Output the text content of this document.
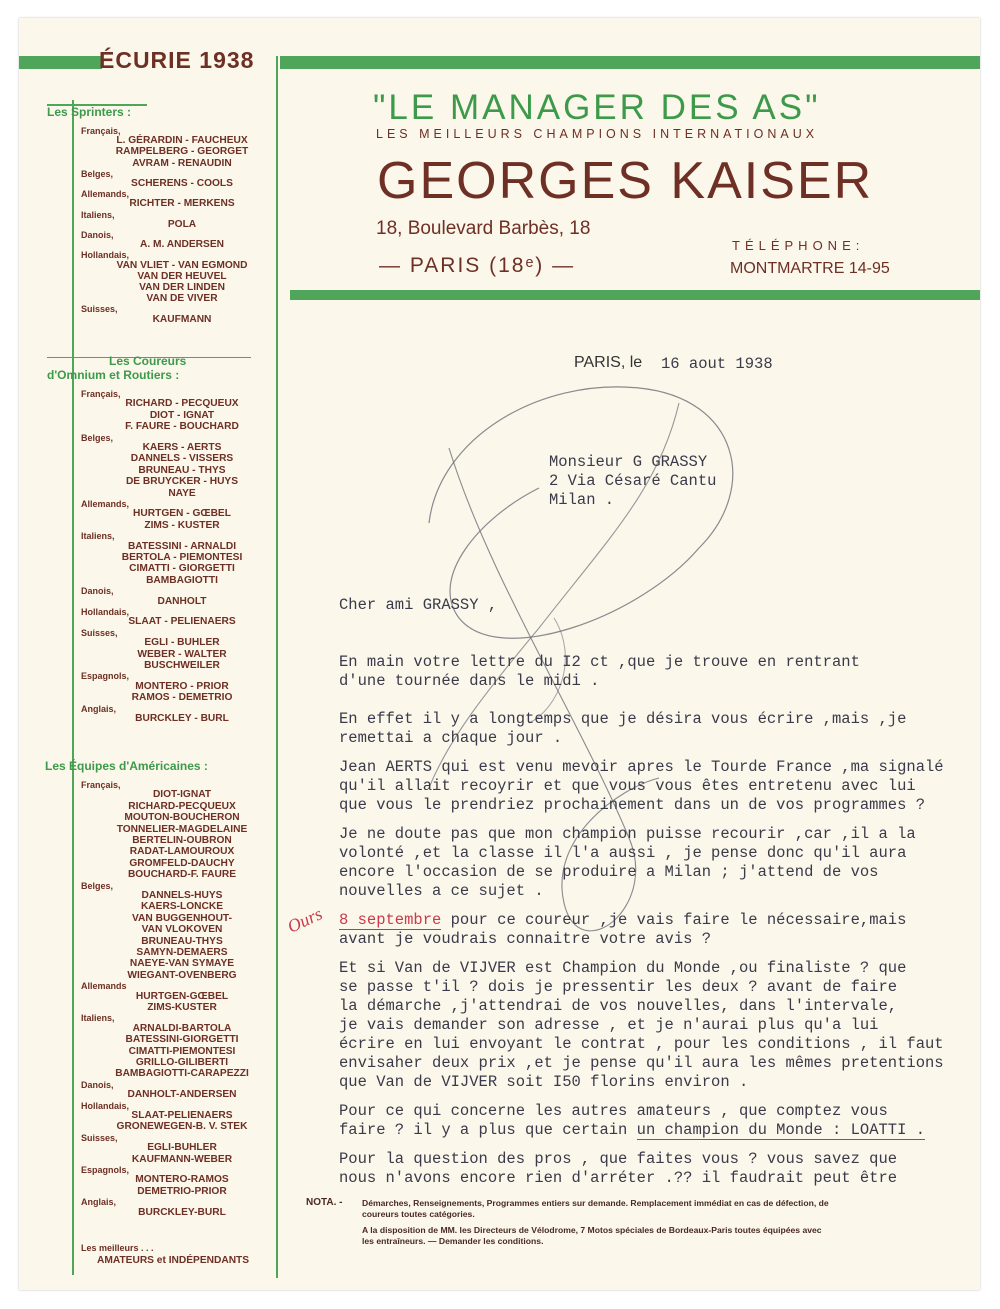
ÉCURIE 1938
Les Sprinters :
Français,
L. GÉRARDIN - FAUCHEUX
RAMPELBERG - GEORGET
AVRAM - RENAUDIN
Belges,
SCHERENS - COOLS
Allemands,
RICHTER - MERKENS
Italiens,
POLA
Danois,
A. M. ANDERSEN
Hollandais,
VAN VLIET - VAN EGMOND
VAN DER HEUVEL
VAN DER LINDEN
VAN DE VIVER
Suisses,
KAUFMANN
Les Coureurs
d'Omnium et Routiers :
Français,
RICHARD - PECQUEUX
DIOT - IGNAT
F. FAURE - BOUCHARD
Belges,
KAERS - AERTS
DANNELS - VISSERS
BRUNEAU - THYS
DE BRUYCKER - HUYS
NAYE
Allemands,
HURTGEN - GŒBEL
ZIMS - KUSTER
Italiens,
BATESSINI - ARNALDI
BERTOLA - PIEMONTESI
CIMATTI - GIORGETTI
BAMBAGIOTTI
Danois,
DANHOLT
Hollandais,
SLAAT - PELIENAERS
Suisses,
EGLI - BUHLER
WEBER - WALTER
BUSCHWEILER
Espagnols,
MONTERO - PRIOR
RAMOS - DEMETRIO
Anglais,
BURCKLEY - BURL
Les Équipes d'Américaines :
Français,
DIOT-IGNAT
RICHARD-PECQUEUX
MOUTON-BOUCHERON
TONNELIER-MAGDELAINE
BERTELIN-OUBRON
RADAT-LAMOUROUX
GROMFELD-DAUCHY
BOUCHARD-F. FAURE
Belges,
DANNELS-HUYS
KAERS-LONCKE
VAN BUGGENHOUT-
VAN VLOKOVEN
BRUNEAU-THYS
SAMYN-DEMAERS
NAEYE-VAN SYMAYE
WIEGANT-OVENBERG
Allemands
HURTGEN-GŒBEL
ZIMS-KUSTER
Italiens,
ARNALDI-BARTOLA
BATESSINI-GIORGETTI
CIMATTI-PIEMONTESI
GRILLO-GILIBERTI
BAMBAGIOTTI-CARAPEZZI
Danois,
DANHOLT-ANDERSEN
Hollandais,
SLAAT-PELIENAERS
GRONEWEGEN-B. V. STEK
Suisses,
EGLI-BUHLER
KAUFMANN-WEBER
Espagnols,
MONTERO-RAMOS
DEMETRIO-PRIOR
Anglais,
BURCKLEY-BURL
Les meilleurs . . .
AMATEURS et INDÉPENDANTS
"LE MANAGER DES AS"
LES MEILLEURS CHAMPIONS INTERNATIONAUX
GEORGES KAISER
18, Boulevard Barbès, 18
— PARIS (18ᵉ) —
TÉLÉPHONE:
MONTMARTRE 14-95
PARIS, le 16 aout 1938
Monsieur G GRASSY
2 Via Césaré Cantu
Milan .
Cher ami GRASSY ,
En main votre lettre du I2 ct ,que je trouve en rentrant
d'une tournée dans le midi .
En effet il y a longtemps que je désira vous écrire ,mais ,je
remettai a chaque jour .
Jean AERTS qui est venu mevoir apres le Tourde France ,ma signalé
qu'il allait recoyrir et que vous vous êtes entretenu avec lui
que vous le prendriez prochainement dans un de vos programmes ?
Je ne doute pas que mon champion puisse recourir ,car ,il a la
volonté ,et la classe il l'a aussi , je pense donc qu'il aura
encore l'occasion de se produire a Milan ; j'attend de vos
nouvelles a ce sujet .
Ours 8 septembre pour ce coureur ,je vais faire le nécessaire,mais
avant je voudrais connaitre votre avis ?
Et si Van de VIJVER est Champion du Monde ,ou finaliste ? que
se passe t'il ? dois je pressentir les deux ? avant de faire
la démarche ,j'attendrai de vos nouvelles, dans l'intervale,
je vais demander son adresse , et je n'aurai plus qu'a lui
écrire en lui envoyant le contrat , pour les conditions , il faut
envisaher deux prix ,et je pense qu'il aura les mêmes pretentions
que Van de VIJVER soit I50 florins environ .
Pour ce qui concerne les autres amateurs , que comptez vous
faire ? il y a plus que certain un champion du Monde : LOATTI .
Pour la question des pros , que faites vous ? vous savez que
nous n'avons encore rien d'arréter .?? il faudrait peut être
NOTA. - Démarches, Renseignements, Programmes entiers sur demande. Remplacement immédiat en cas de défection, de
coureurs toutes catégories.
A la disposition de MM. les Directeurs de Vélodrome, 7 Motos spéciales de Bordeaux-Paris toutes équipées avec
les entraîneurs. — Demander les conditions.
